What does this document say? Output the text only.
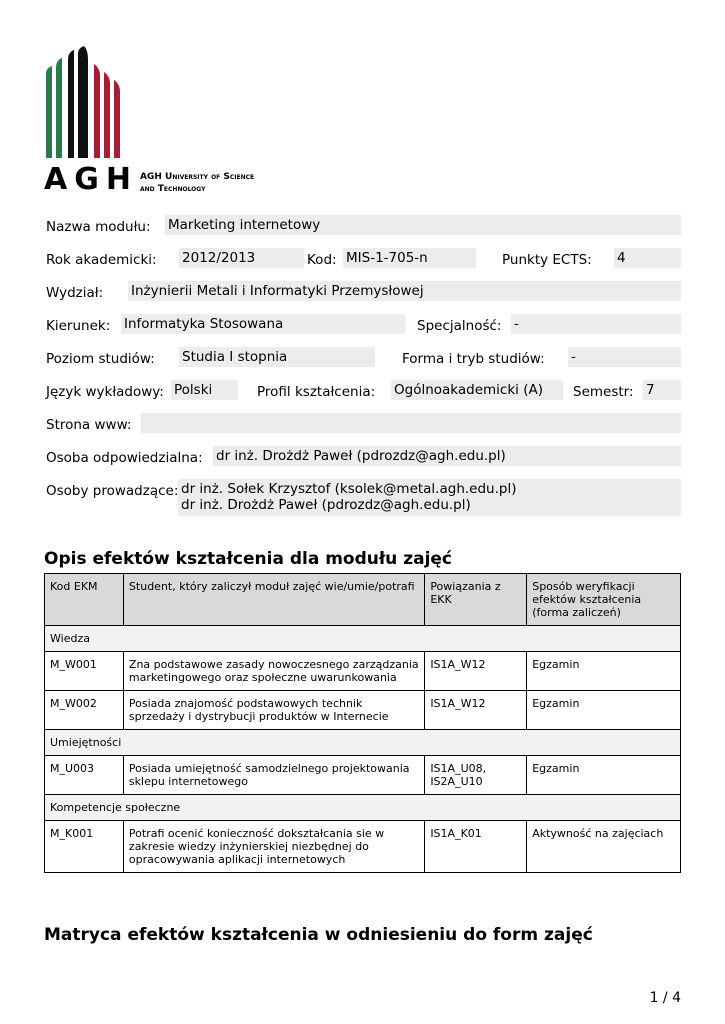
AGH AGH University of Science
and Technology
Nazwa modułu: Marketing internetowy
Rok akademicki: 2012/2013	Kod: MIS-1-705-n	Punkty ECTS: 4
Wydział: Inżynierii Metali i Informatyki Przemysłowej
Kierunek: Informatyka Stosowana	Specjalność: -
Poziom studiów: Studia I stopnia	Forma i tryb studiów: -
Język wykładowy: Polski	Profil kształcenia: Ogólnoakademicki (A)	Semestr: 7
Strona www:
Osoba odpowiedzialna: dr inż. Drożdż Paweł (pdrozdz@agh.edu.pl)
Osoby prowadzące: dr inż. Sołek Krzysztof (ksolek@metal.agh.edu.pl)
dr inż. Drożdż Paweł (pdrozdz@agh.edu.pl)
Opis efektów kształcenia dla modułu zajęć
Kod EKM	Student, który zaliczył moduł zajęć wie/umie/potrafi	Powiązania z EKK	Sposób weryfikacji efektów kształcenia (forma zaliczeń)
Wiedza			
M_W001	Zna podstawowe zasady nowoczesnego zarządzania marketingowego oraz społeczne uwarunkowania	IS1A_W12	Egzamin
M_W002	Posiada znajomość podstawowych technik sprzedaży i dystrybucji produktów w Internecie	IS1A_W12	Egzamin
Umiejętności			
M_U003	Posiada umiejętność samodzielnego projektowania sklepu internetowego	IS1A_U08, IS2A_U10	Egzamin
Kompetencje społeczne			
M_K001	Potrafi ocenić konieczność dokształcania sie w zakresie wiedzy inżynierskiej niezbędnej do opracowywania aplikacji internetowych	IS1A_K01	Aktywność na zajęciach
Matryca efektów kształcenia w odniesieniu do form zajęć
1 / 4
